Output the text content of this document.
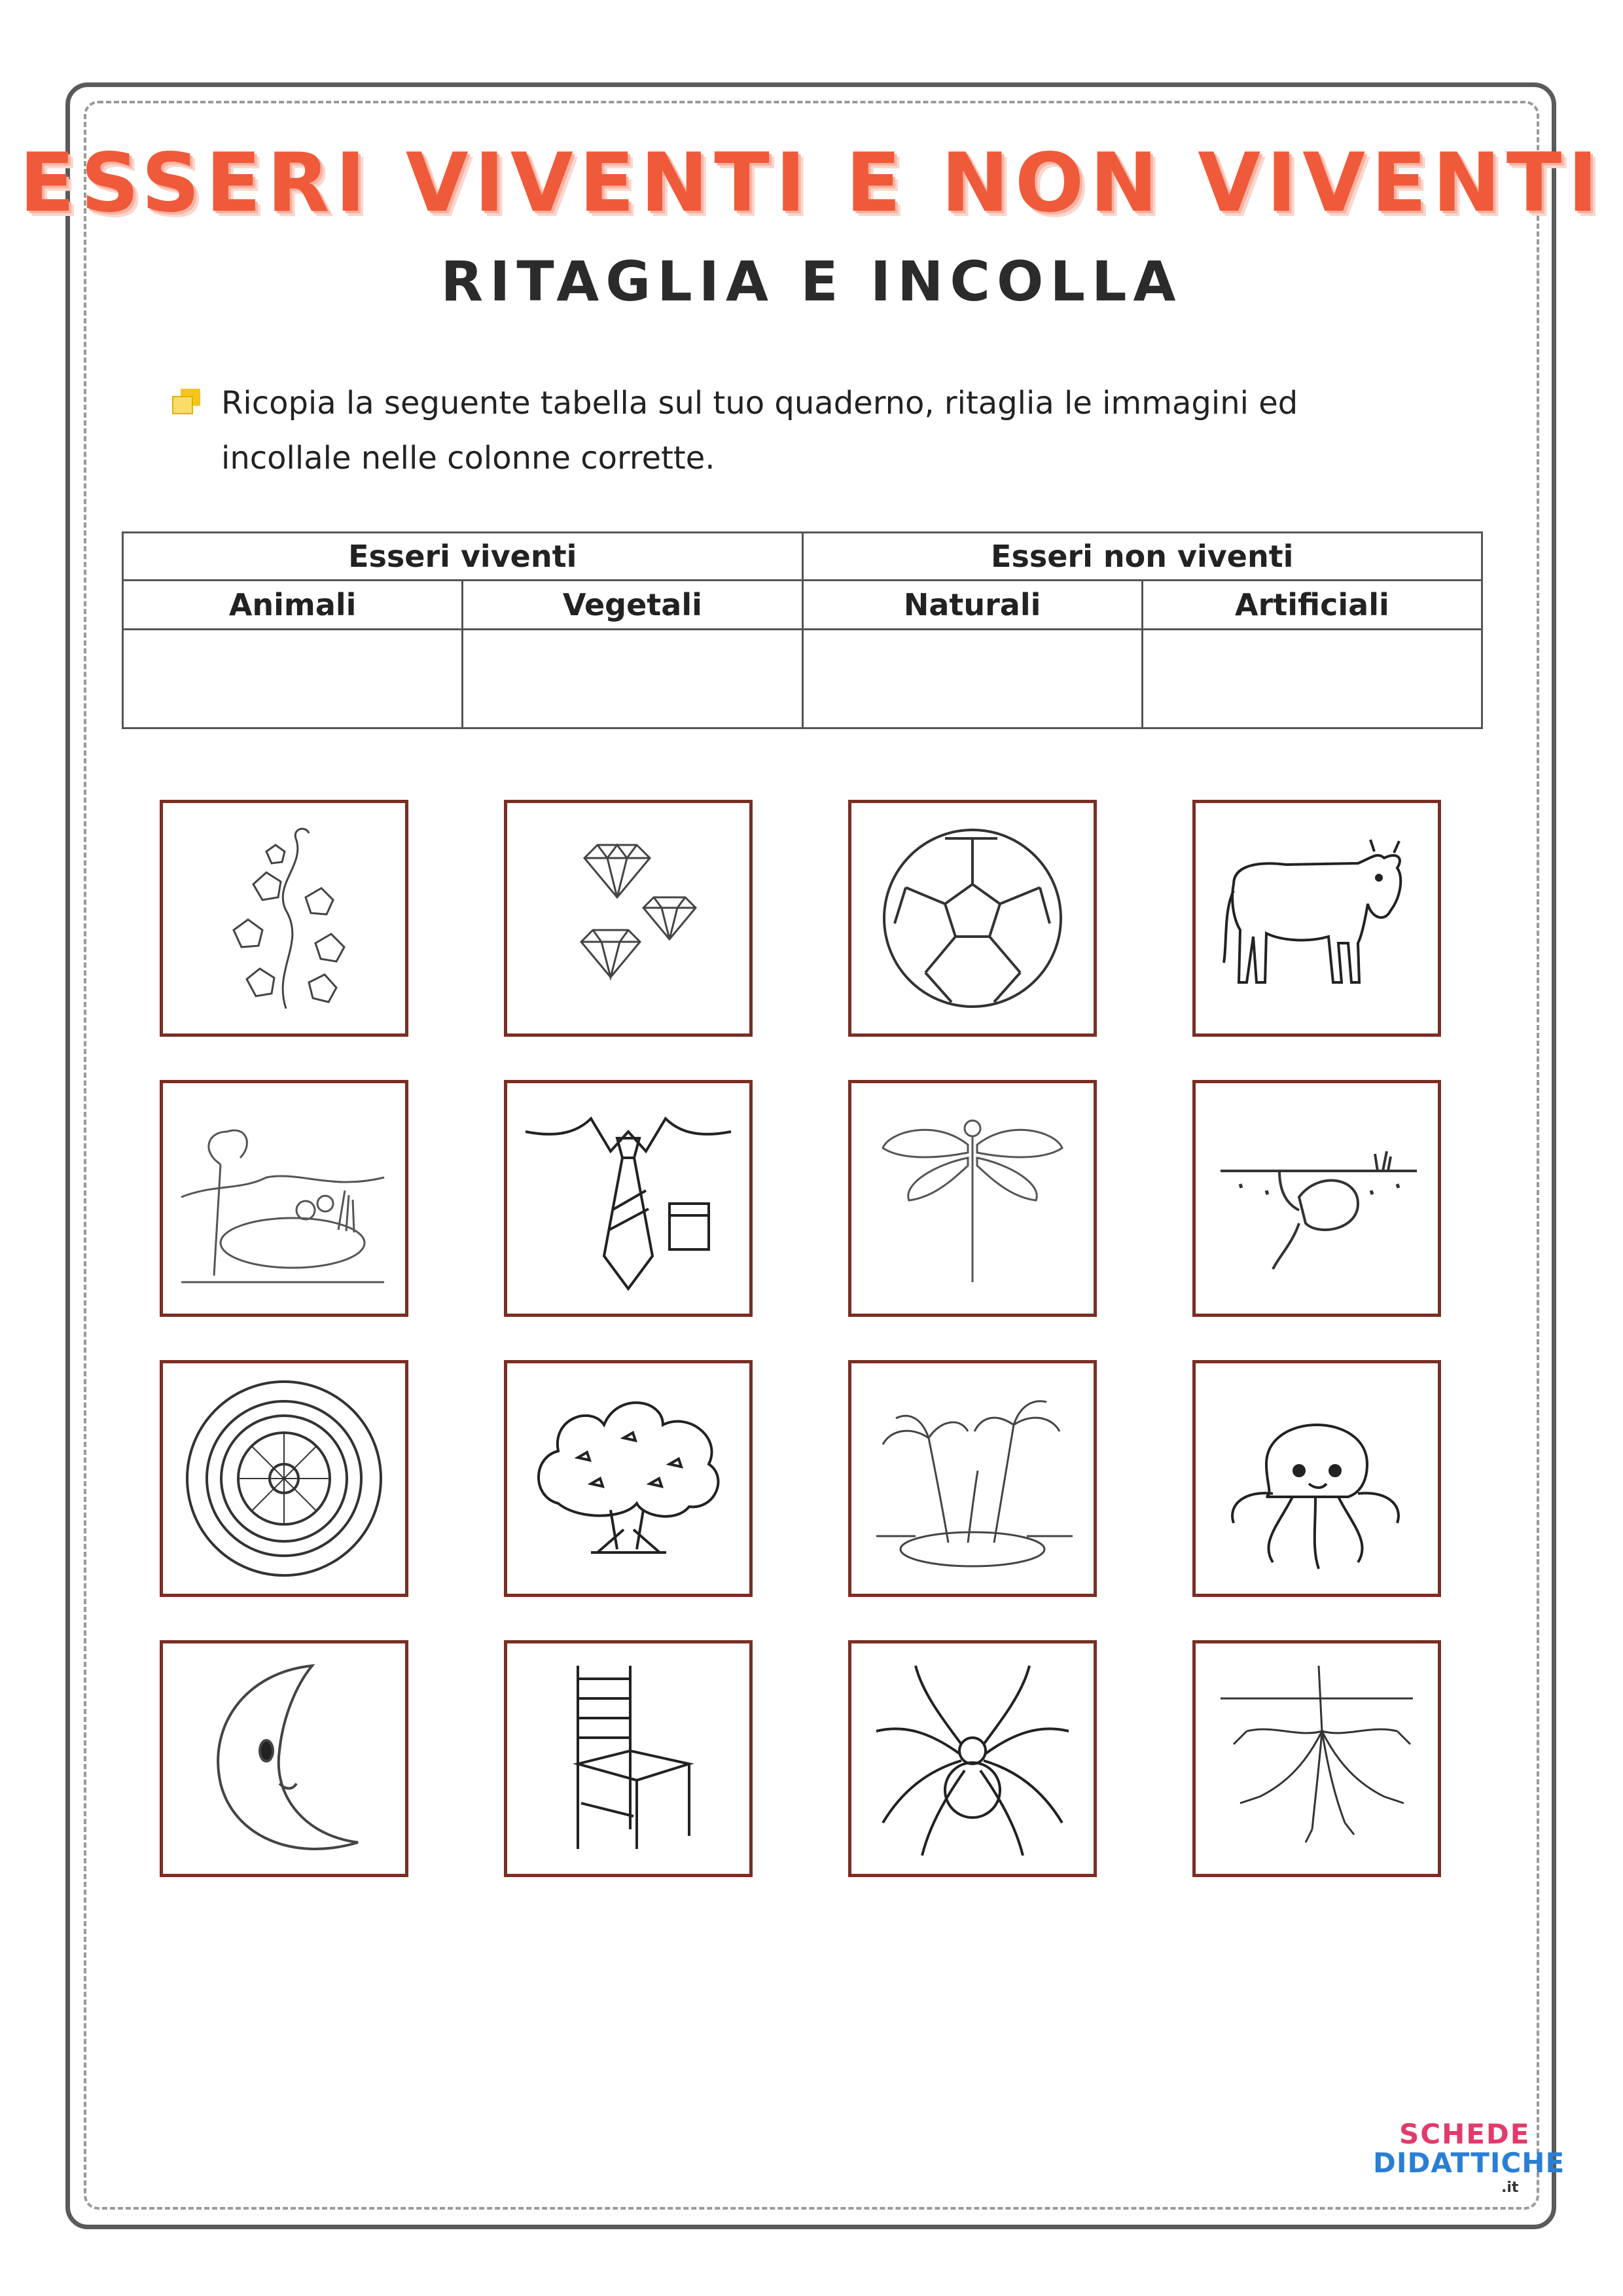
ESSERI VIVENTI E NON VIVENTI
RITAGLIA E INCOLLA
Ricopia la seguente tabella sul tuo quaderno, ritaglia le immagini ed
incollale nelle colonne corrette.
Esseri viventi		Esseri non viventi	
Animali	Vegetali	Naturali	Artificiali

SCHEDE
DIDATTICHE
.it
